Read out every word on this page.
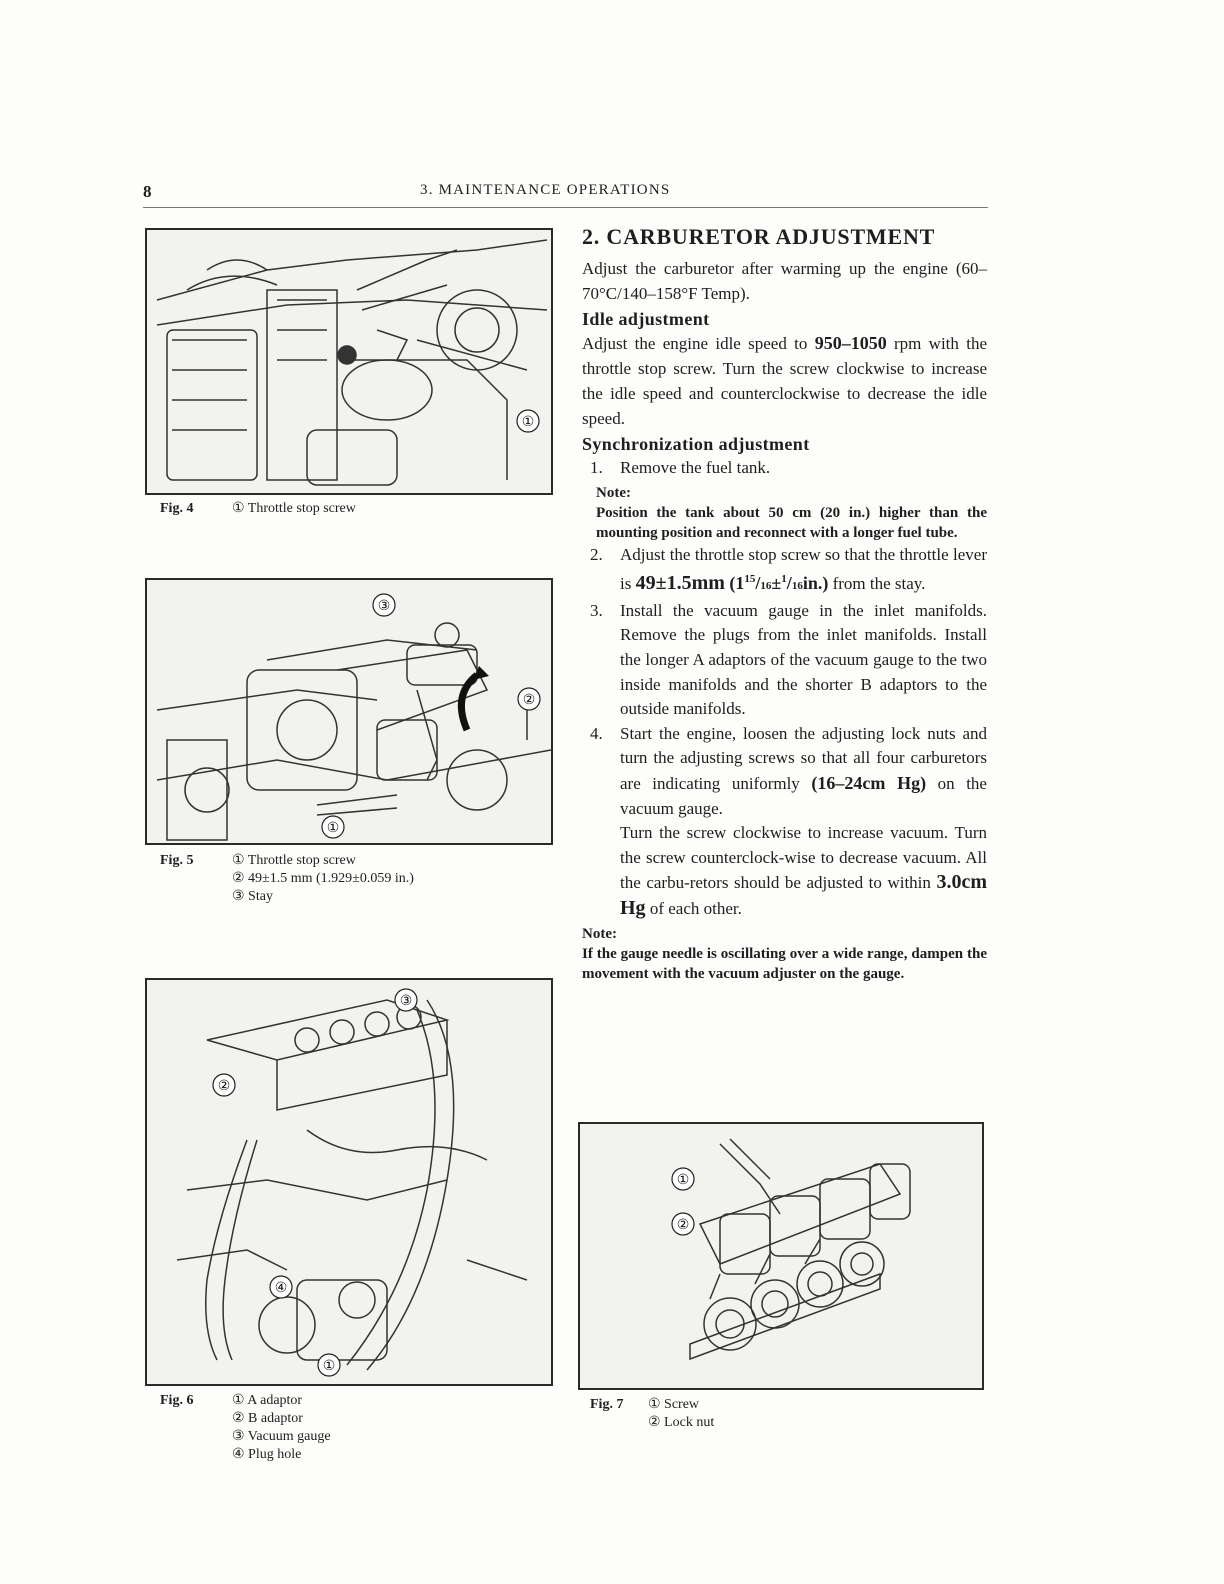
8	3. MAINTENANCE OPERATIONS
①
Fig. 4	① Throttle stop screw
③
②
①
Fig. 5	① Throttle stop screw
② 49±1.5 mm (1.929±0.059 in.)
③ Stay
③
②
④
①
Fig. 6	① A adaptor
② B adaptor
③ Vacuum gauge
④ Plug hole
①
②
Fig. 7 ① Screw
② Lock nut
2. CARBURETOR ADJUSTMENT

Adjust the carburetor after warming up the engine (60–70°C/140–158°F Temp).

Idle adjustment

Adjust the engine idle speed to 950–1050 rpm with the throttle stop screw. Turn the screw clockwise to increase the idle speed and counterclockwise to decrease the idle speed.

Synchronization adjustment
1. Remove the fuel tank.
Note:

Position the tank about 50 cm (20 in.) higher than the mounting position and reconnect with a longer fuel tube.

2. Adjust the throttle stop screw so that the throttle lever is 49±1.5mm $(1^{15}/16\pm^1/16in.)$ from the stay.
3. Install the vacuum gauge in the inlet manifolds. Remove the plugs from the inlet manifolds. Install the longer A adaptors of the vacuum gauge to the two inside manifolds and the shorter B adaptors to the outside manifolds.
4. Start the engine, loosen the adjusting lock nuts and turn the adjusting screws so that all four carburetors are indicating uniformly (16–24cm Hg) on the vacuum gauge.
Turn the screw clockwise to increase vacuum. Turn the screw counterclock-wise to decrease vacuum. All the carbu-retors should be adjusted to within 3.0cm Hg of each other.
Note:

If the gauge needle is oscillating over a wide range, dampen the movement with the vacuum adjuster on the gauge.
